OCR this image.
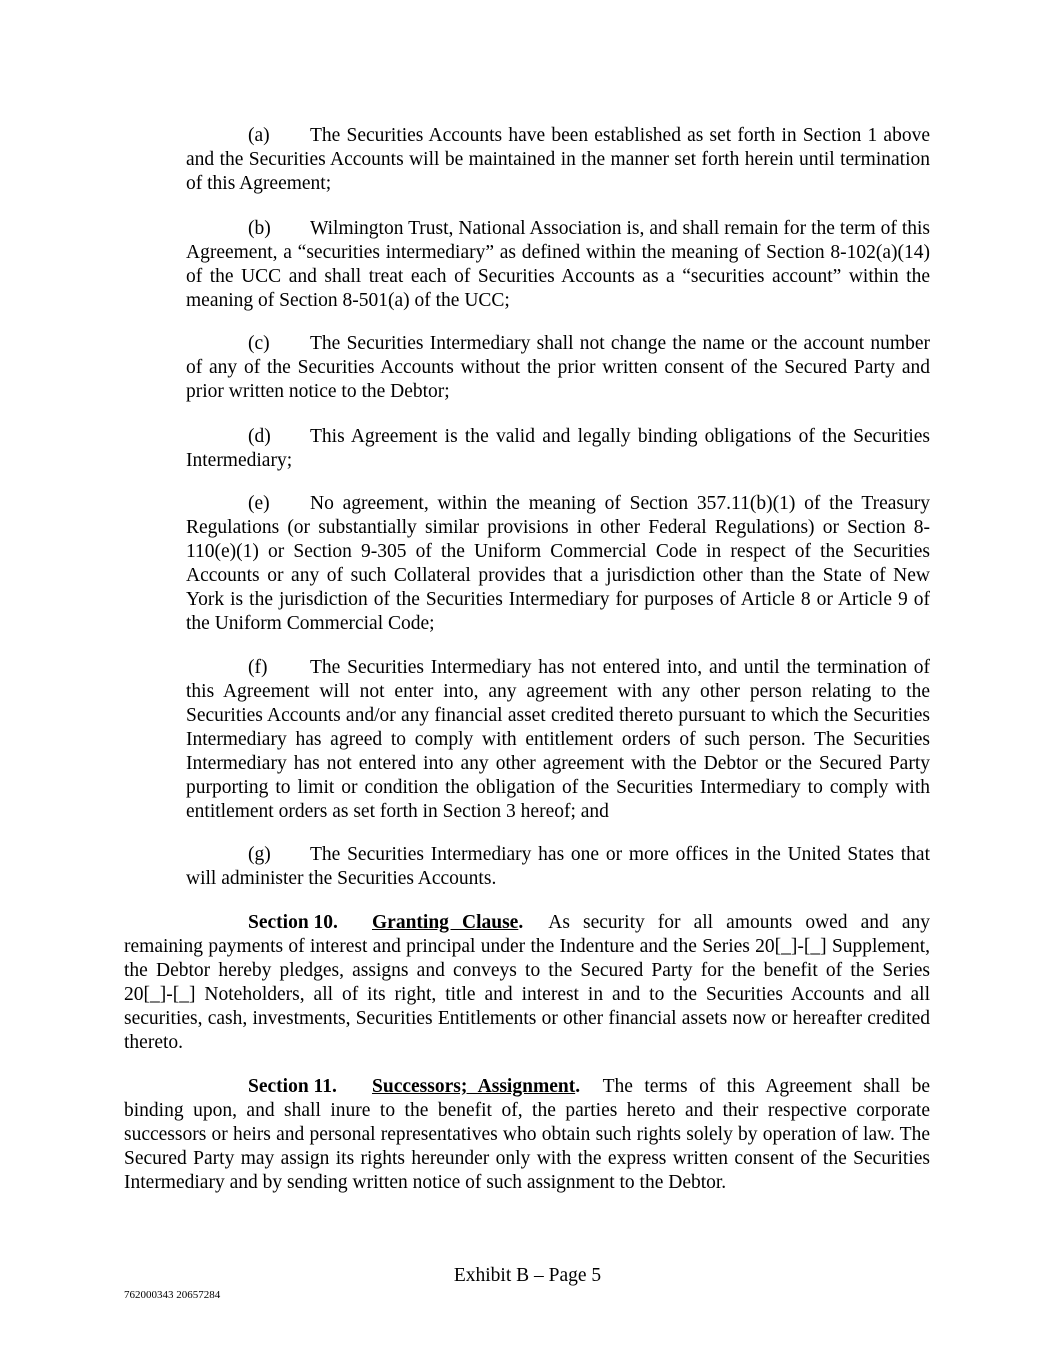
(a) The Securities Accounts have been established as set forth in Section 1 above and the Securities Accounts will be maintained in the manner set forth herein until termination of this Agreement;

(b) Wilmington Trust, National Association is, and shall remain for the term of this Agreement, a “securities intermediary” as defined within the meaning of Section 8-102(a)(14) of the UCC and shall treat each of Securities Accounts as a “securities account” within the meaning of Section 8-501(a) of the UCC;

(c) The Securities Intermediary shall not change the name or the account number of any of the Securities Accounts without the prior written consent of the Secured Party and prior written notice to the Debtor;

(d) This Agreement is the valid and legally binding obligations of the Securities Intermediary;

(e) No agreement, within the meaning of Section 357.11(b)(1) of the Treasury Regulations (or substantially similar provisions in other Federal Regulations) or Section 8-110(e)(1) or Section 9-305 of the Uniform Commercial Code in respect of the Securities Accounts or any of such Collateral provides that a jurisdiction other than the State of New York is the jurisdiction of the Securities Intermediary for purposes of Article 8 or Article 9 of the Uniform Commercial Code;

(f) The Securities Intermediary has not entered into, and until the termination of this Agreement will not enter into, any agreement with any other person relating to the Securities Accounts and/or any financial asset credited thereto pursuant to which the Securities Intermediary has agreed to comply with entitlement orders of such person. The Securities Intermediary has not entered into any other agreement with the Debtor or the Secured Party purporting to limit or condition the obligation of the Securities Intermediary to comply with entitlement orders as set forth in Section 3 hereof; and

(g) The Securities Intermediary has one or more offices in the United States that will administer the Securities Accounts.

Section 10. Granting Clause. As security for all amounts owed and any remaining payments of interest and principal under the Indenture and the Series 20[_]-[_] Supplement, the Debtor hereby pledges, assigns and conveys to the Secured Party for the benefit of the Series 20[_]-[_] Noteholders, all of its right, title and interest in and to the Securities Accounts and all securities, cash, investments, Securities Entitlements or other financial assets now or hereafter credited thereto.

Section 11. Successors; Assignment. The terms of this Agreement shall be binding upon, and shall inure to the benefit of, the parties hereto and their respective corporate successors or heirs and personal representatives who obtain such rights solely by operation of law. The Secured Party may assign its rights hereunder only with the express written consent of the Securities Intermediary and by sending written notice of such assignment to the Debtor.

Exhibit B – Page 5
762000343 20657284
